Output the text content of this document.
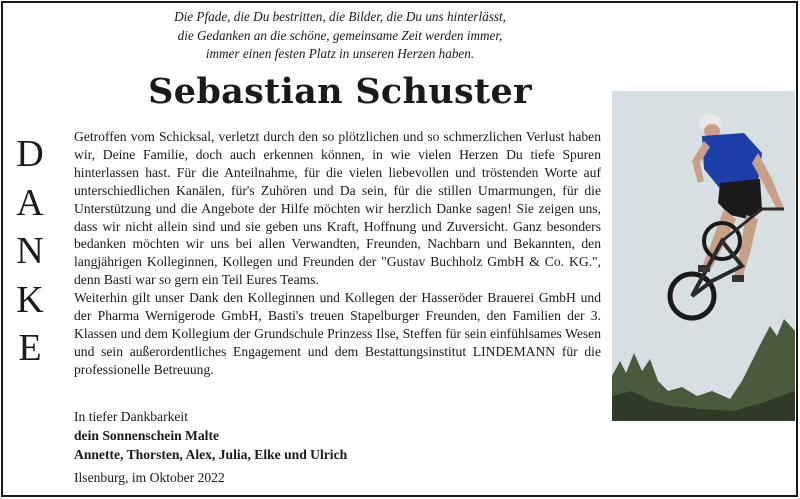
Die Pfade, die Du bestritten, die Bilder, die Du uns hinterlässt,
die Gedanken an die schöne, gemeinsame Zeit werden immer,
immer einen festen Platz in unseren Herzen haben.
Sebastian Schuster
D
A
N
K
E

Getroffen vom Schicksal, verletzt durch den so plötzlichen und so schmerzlichen Verlust haben wir, Deine Familie, doch auch erkennen können, in wie vielen Herzen Du tiefe Spuren hinterlassen hast. Für die Anteilnahme, für die vielen liebevollen und tröstenden Worte auf unterschiedlichen Kanälen, für's Zuhören und Da sein, für die stillen Umarmungen, für die Unterstützung und die Angebote der Hilfe möchten wir herzlich Danke sagen! Sie zeigen uns, dass wir nicht allein sind und sie geben uns Kraft, Hoffnung und Zuversicht. Ganz besonders bedanken möchten wir uns bei allen Verwandten, Freunden, Nachbarn und Bekannten, den langjährigen Kolleginnen, Kollegen und Freunden der "Gustav Buchholz GmbH & Co. KG.", denn Basti war so gern ein Teil Eures Teams.

Weiterhin gilt unser Dank den Kolleginnen und Kollegen der Hasseröder Brauerei GmbH und der Pharma Wernigerode GmbH, Basti's treuen Stapelburger Freunden, den Familien der 3. Klassen und dem Kollegium der Grundschule Prinzess Ilse, Steffen für sein einfühlsames Wesen und sein außerordentliches Engagement und dem Bestattungsinstitut LINDEMANN für die professionelle Betreuung.

In tiefer Dankbarkeit
dein Sonnenschein Malte
Annette, Thorsten, Alex, Julia, Elke und Ulrich
Ilsenburg, im Oktober 2022
